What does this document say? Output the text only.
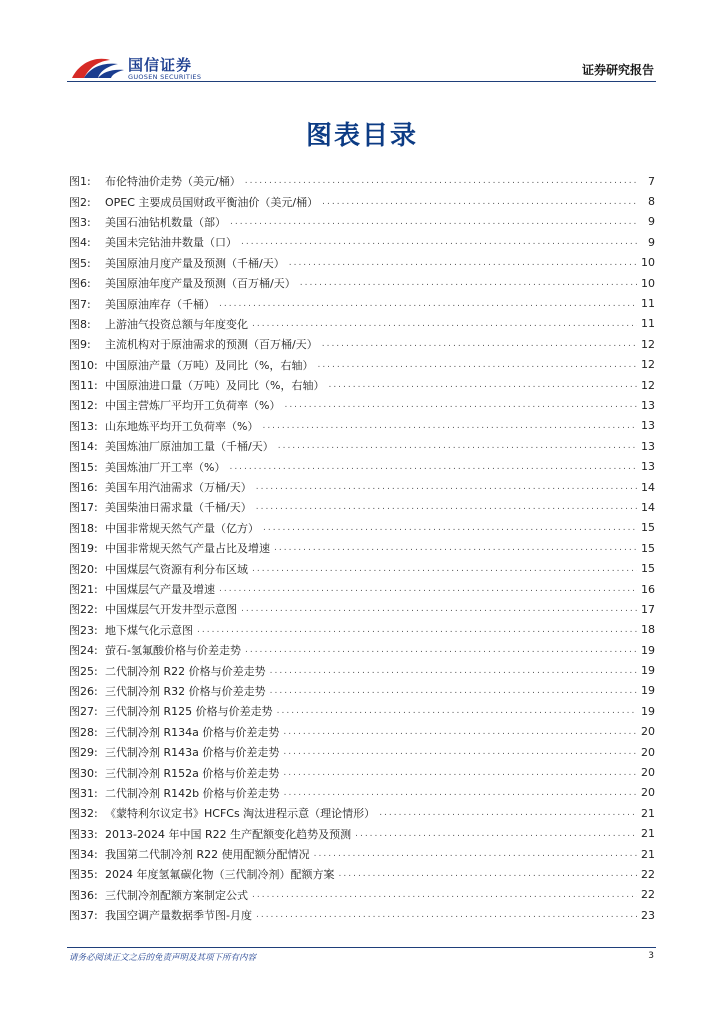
国信证券
GUOSEN SECURITIES	证券研究报告
图表目录
图1:	布伦特油价走势（美元/桶） .....	7
图2:	OPEC 主要成员国财政平衡油价（美元/桶） .....	8
图3:	美国石油钻机数量（部） .....	9
图4:	美国未完钻油井数量（口） .....	9
图5:	美国原油月度产量及预测（千桶/天） .....	10
图6:	美国原油年度产量及预测（百万桶/天） .....	10
图7:	美国原油库存（千桶） .....	11
图8:	上游油气投资总额与年度变化 .....	11
图9:	主流机构对于原油需求的预测（百万桶/天） .....	12
图10: 中国原油产量（万吨）及同比（%，右轴） .....	12
图11: 中国原油进口量（万吨）及同比（%，右轴） .....	12
图12: 中国主营炼厂平均开工负荷率（%） .....	13
图13: 山东地炼平均开工负荷率（%） .....	13
图14: 美国炼油厂原油加工量（千桶/天） .....	13
图15: 美国炼油厂开工率（%） .....	13
图16: 美国车用汽油需求（万桶/天） .....	14
图17: 美国柴油日需求量（千桶/天） .....	14
图18: 中国非常规天然气产量（亿方） .....	15
图19: 中国非常规天然气产量占比及增速 .....	15
图20: 中国煤层气资源有利分布区域 .....	15
图21: 中国煤层气产量及增速 .....	16
图22: 中国煤层气开发井型示意图 .....	17
图23: 地下煤气化示意图 .....	18
图24: 萤石-氢氟酸价格与价差走势 .....	19
图25: 二代制冷剂 R22 价格与价差走势 .....	19
图26: 三代制冷剂 R32 价格与价差走势 .....	19
图27: 三代制冷剂 R125 价格与价差走势 .....	19
图28: 三代制冷剂 R134a 价格与价差走势 .....	20
图29: 三代制冷剂 R143a 价格与价差走势 .....	20
图30: 三代制冷剂 R152a 价格与价差走势 .....	20
图31: 二代制冷剂 R142b 价格与价差走势 .....	20
图32: 《蒙特利尔议定书》HCFCs 淘汰进程示意（理论情形） .....	21
图33: 2013-2024 年中国 R22 生产配额变化趋势及预测 .....	21
图34: 我国第二代制冷剂 R22 使用配额分配情况 .....	21
图35: 2024 年度氢氟碳化物（三代制冷剂）配额方案 .....	22
图36: 三代制冷剂配额方案制定公式 .....	22
图37: 我国空调产量数据季节图-月度 .....	23
请务必阅读正文之后的免责声明及其项下所有内容	3
